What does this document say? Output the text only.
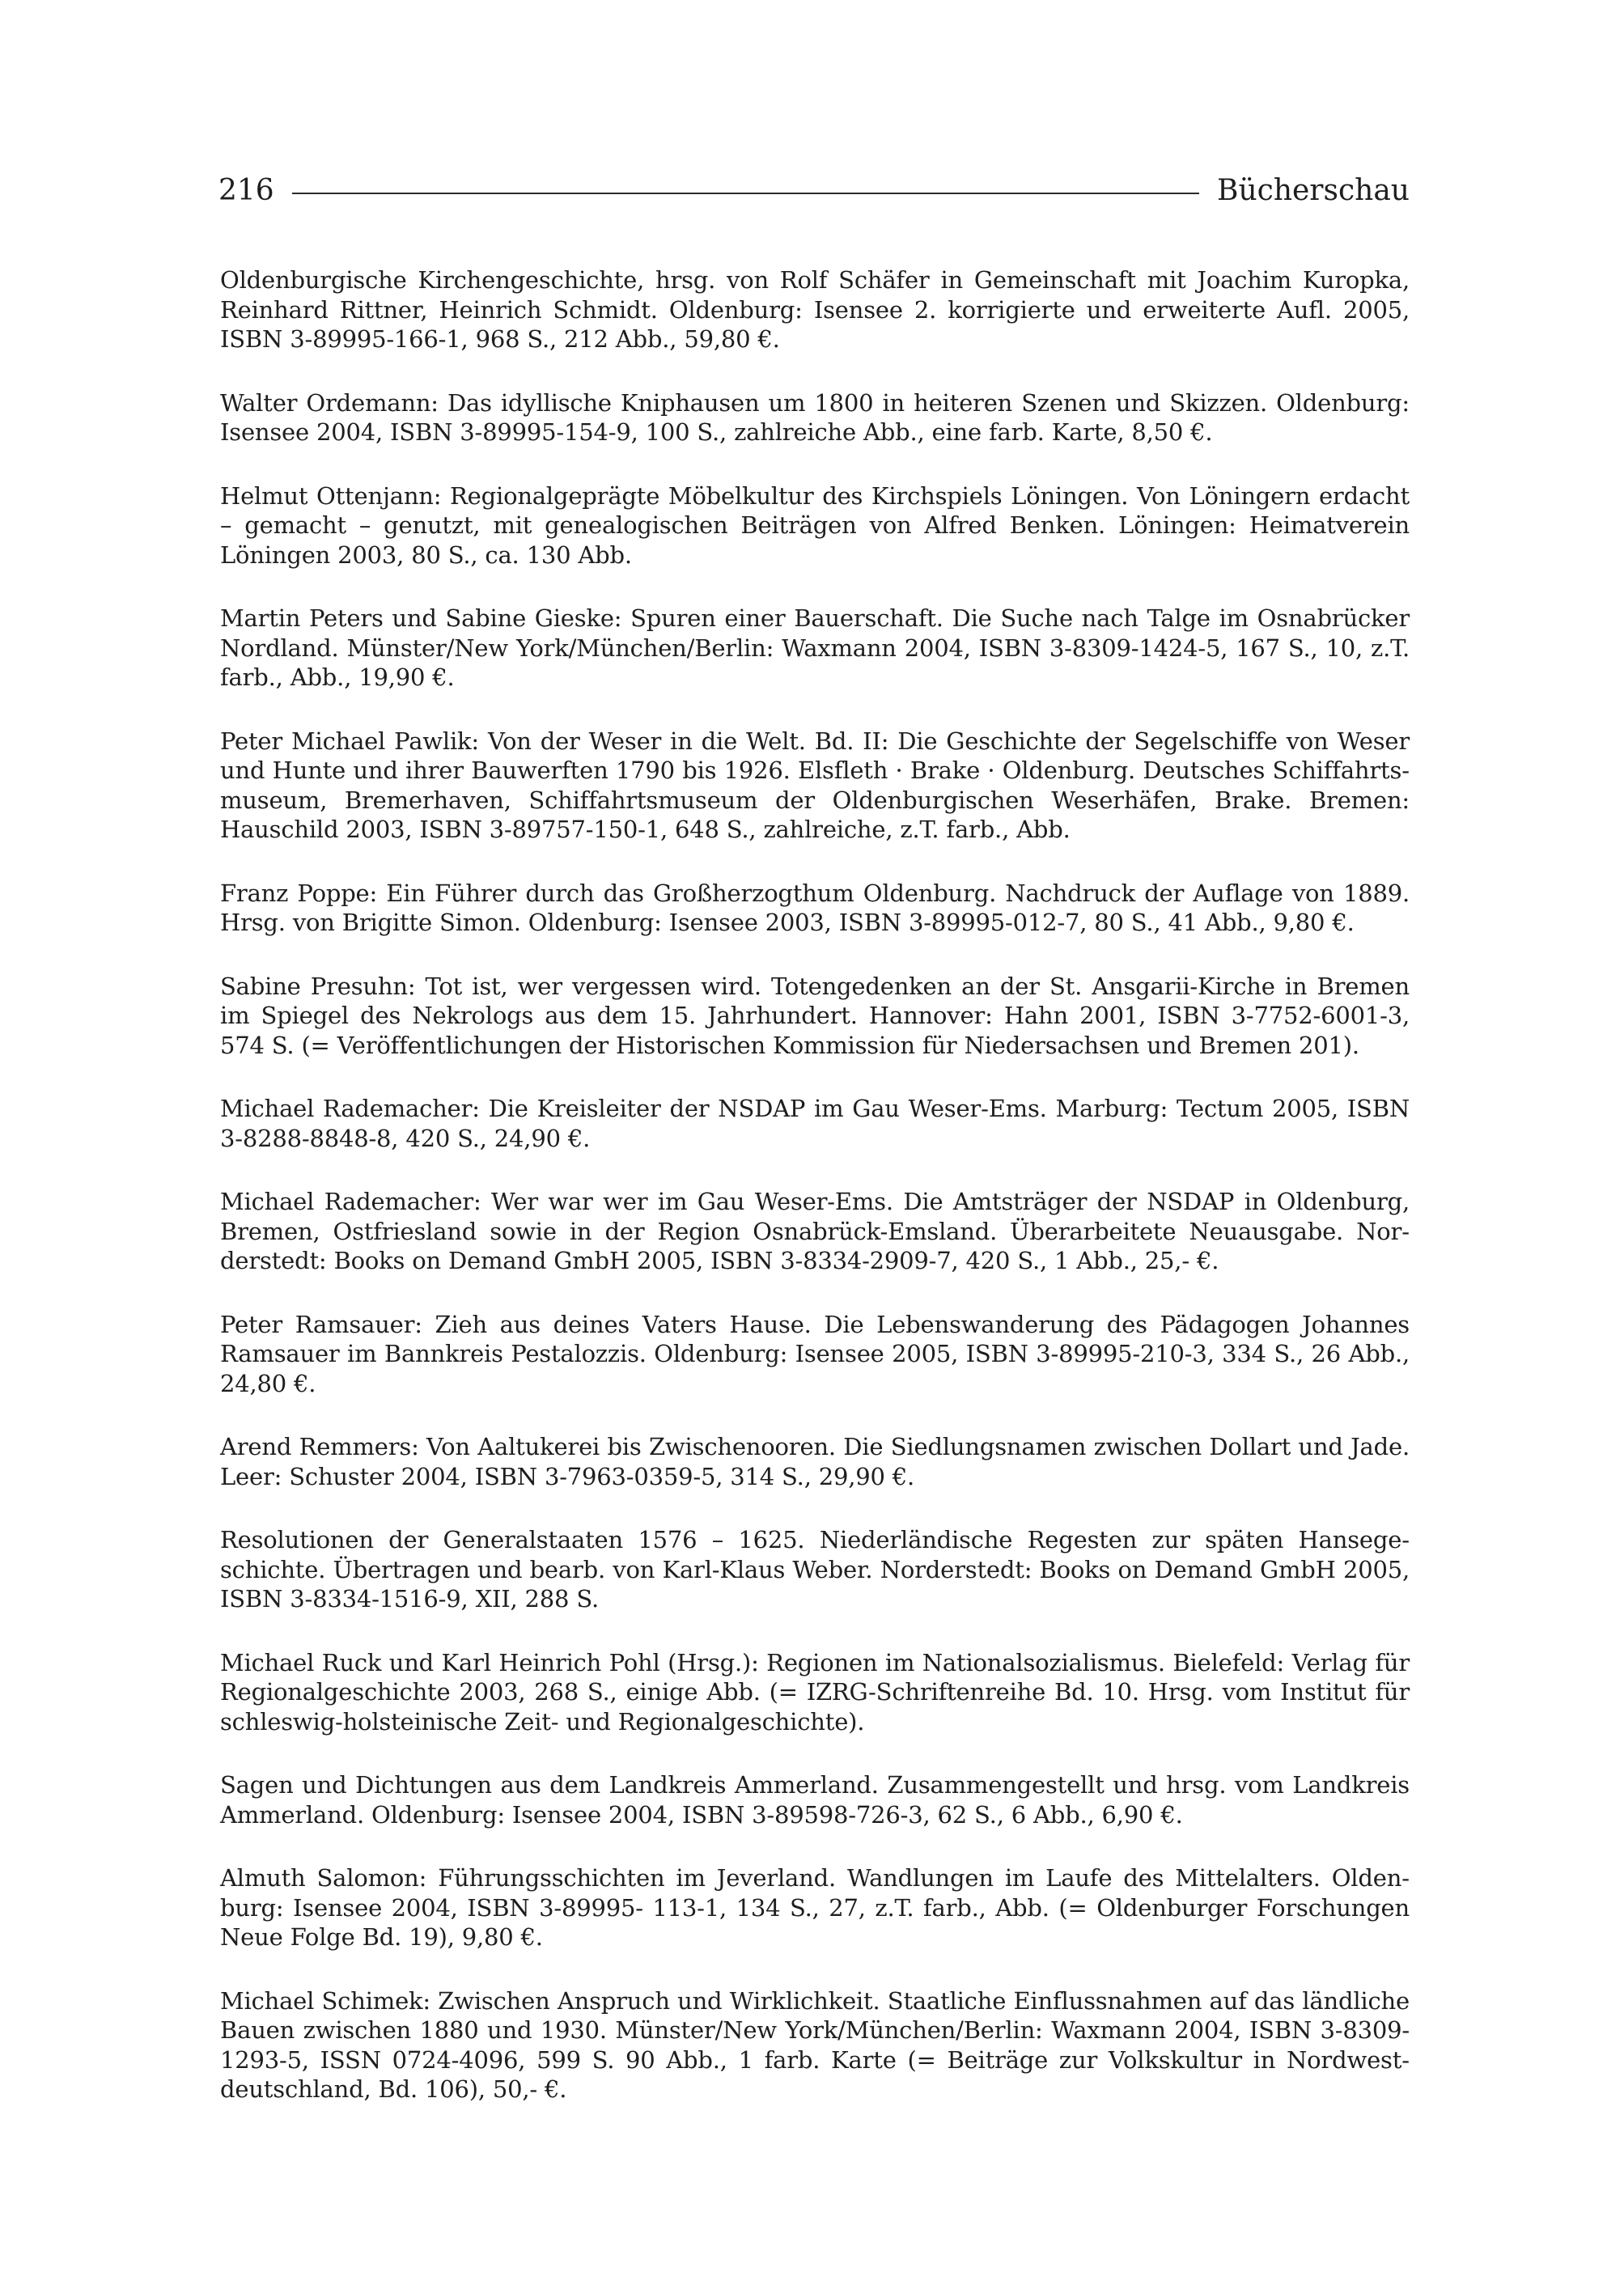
216	Bücherschau

Oldenburgische Kirchengeschichte, hrsg. von Rolf Schäfer in Gemeinschaft mit Joachim Kuropka, Reinhard Rittner, Heinrich Schmidt. Oldenburg: Isensee 2. korrigierte und erweiterte Aufl. 2005, ISBN 3-89995-166-1, 968 S., 212 Abb., 59,80 €.

Walter Ordemann: Das idyllische Kniphausen um 1800 in heiteren Szenen und Skizzen. Oldenburg: Isensee 2004, ISBN 3-89995-154-9, 100 S., zahlreiche Abb., eine farb. Karte, 8,50 €.

Helmut Ottenjann: Regionalgeprägte Möbelkultur des Kirchspiels Löningen. Von Löningern erdacht – gemacht – genutzt, mit genealogischen Beiträgen von Alfred Benken. Löningen: Heimatverein Löningen 2003, 80 S., ca. 130 Abb.

Martin Peters und Sabine Gieske: Spuren einer Bauerschaft. Die Suche nach Talge im Osnabrücker Nordland. Münster/New York/München/Berlin: Waxmann 2004, ISBN 3-8309-1424-5, 167 S., 10, z.T. farb., Abb., 19,90 €.

Peter Michael Pawlik: Von der Weser in die Welt. Bd. II: Die Geschichte der Segelschiffe von Weser und Hunte und ihrer Bauwerften 1790 bis 1926. Elsfleth · Brake · Oldenburg. Deutsches Schiffahrtsmuseum, Bremerhaven, Schiffahrtsmuseum der Oldenburgischen Weserhäfen, Brake. Bremen: Hauschild 2003, ISBN 3-89757-150-1, 648 S., zahlreiche, z.T. farb., Abb.

Franz Poppe: Ein Führer durch das Großherzogthum Oldenburg. Nachdruck der Auflage von 1889. Hrsg. von Brigitte Simon. Oldenburg: Isensee 2003, ISBN 3-89995-012-7, 80 S., 41 Abb., 9,80 €.

Sabine Presuhn: Tot ist, wer vergessen wird. Totengedenken an der St. Ansgarii-Kirche in Bremen im Spiegel des Nekrologs aus dem 15. Jahrhundert. Hannover: Hahn 2001, ISBN 3-7752-6001-3, 574 S. (= Veröffentlichungen der Historischen Kommission für Niedersachsen und Bremen 201).

Michael Rademacher: Die Kreisleiter der NSDAP im Gau Weser-Ems. Marburg: Tectum 2005, ISBN 3-8288-8848-8, 420 S., 24,90 €.

Michael Rademacher: Wer war wer im Gau Weser-Ems. Die Amtsträger der NSDAP in Oldenburg, Bremen, Ostfriesland sowie in der Region Osnabrück-Emsland. Überarbeitete Neuausgabe. Norderstedt: Books on Demand GmbH 2005, ISBN 3-8334-2909-7, 420 S., 1 Abb., 25,- €.

Peter Ramsauer: Zieh aus deines Vaters Hause. Die Lebenswanderung des Pädagogen Johannes Ramsauer im Bannkreis Pestalozzis. Oldenburg: Isensee 2005, ISBN 3-89995-210-3, 334 S., 26 Abb., 24,80 €.

Arend Remmers: Von Aaltukerei bis Zwischenooren. Die Siedlungsnamen zwischen Dollart und Jade. Leer: Schuster 2004, ISBN 3-7963-0359-5, 314 S., 29,90 €.

Resolutionen der Generalstaaten 1576 – 1625. Niederländische Regesten zur späten Hansegeschichte. Übertragen und bearb. von Karl-Klaus Weber. Norderstedt: Books on Demand GmbH 2005, ISBN 3-8334-1516-9, XII, 288 S.

Michael Ruck und Karl Heinrich Pohl (Hrsg.): Regionen im Nationalsozialismus. Bielefeld: Verlag für Regionalgeschichte 2003, 268 S., einige Abb. (= IZRG-Schriftenreihe Bd. 10. Hrsg. vom Institut für schleswig-holsteinische Zeit- und Regionalgeschichte).

Sagen und Dichtungen aus dem Landkreis Ammerland. Zusammengestellt und hrsg. vom Landkreis Ammerland. Oldenburg: Isensee 2004, ISBN 3-89598-726-3, 62 S., 6 Abb., 6,90 €.

Almuth Salomon: Führungsschichten im Jeverland. Wandlungen im Laufe des Mittelalters. Oldenburg: Isensee 2004, ISBN 3-89995- 113-1, 134 S., 27, z.T. farb., Abb. (= Oldenburger Forschungen Neue Folge Bd. 19), 9,80 €.

Michael Schimek: Zwischen Anspruch und Wirklichkeit. Staatliche Einflussnahmen auf das ländliche Bauen zwischen 1880 und 1930. Münster/New York/München/Berlin: Waxmann 2004, ISBN 3-8309-1293-5, ISSN 0724-4096, 599 S. 90 Abb., 1 farb. Karte (= Beiträge zur Volkskultur in Nordwestdeutschland, Bd. 106), 50,- €.
